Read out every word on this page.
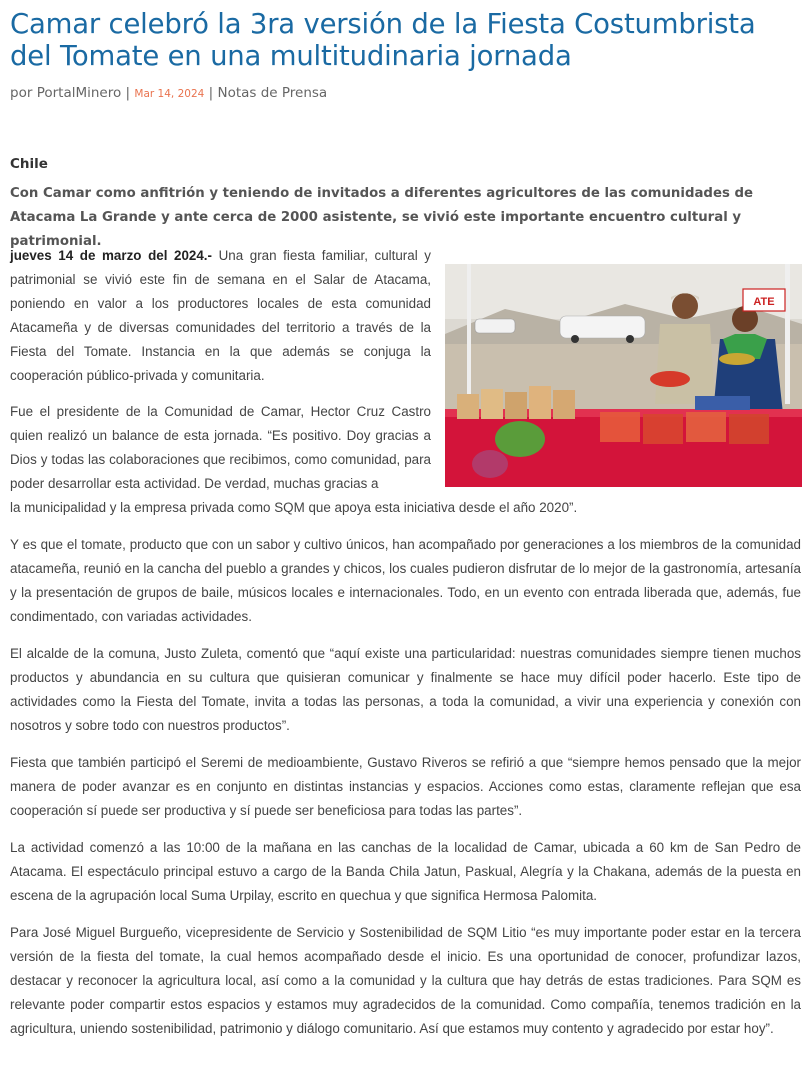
Camar celebró la 3ra versión de la Fiesta Costumbrista del Tomate en una multitudinaria jornada
por PortalMinero | Mar 14, 2024 | Notas de Prensa
Chile

Con Camar como anfitrión y teniendo de invitados a diferentes agricultores de las comunidades de Atacama La Grande y ante cerca de 2000 asistente, se vivió este importante encuentro cultural y patrimonial.

jueves 14 de marzo del 2024.- Una gran fiesta familiar, cultural y patrimonial se vivió este fin de semana en el Salar de Atacama, poniendo en valor a los productores locales de esta comunidad Atacameña y de diversas comunidades del territorio a través de la Fiesta del Tomate. Instancia en la que además se conjuga la cooperación público-privada y comunitaria.

ATE

Fue el presidente de la Comunidad de Camar, Hector Cruz Castro quien realizó un balance de esta jornada. “Es positivo. Doy gracias a Dios y todas las colaboraciones que recibimos, como comunidad, para poder desarrollar esta actividad. De verdad, muchas gracias a

la municipalidad y la empresa privada como SQM que apoya esta iniciativa desde el año 2020”.

Y es que el tomate, producto que con un sabor y cultivo únicos, han acompañado por generaciones a los miembros de la comunidad atacameña, reunió en la cancha del pueblo a grandes y chicos, los cuales pudieron disfrutar de lo mejor de la gastronomía, artesanía y la presentación de grupos de baile, músicos locales e internacionales. Todo, en un evento con entrada liberada que, además, fue condimentado, con variadas actividades.

El alcalde de la comuna, Justo Zuleta, comentó que “aquí existe una particularidad: nuestras comunidades siempre tienen muchos productos y abundancia en su cultura que quisieran comunicar y finalmente se hace muy difícil poder hacerlo. Este tipo de actividades como la Fiesta del Tomate, invita a todas las personas, a toda la comunidad, a vivir una experiencia y conexión con nosotros y sobre todo con nuestros productos”.

Fiesta que también participó el Seremi de medioambiente, Gustavo Riveros se refirió a que “siempre hemos pensado que la mejor manera de poder avanzar es en conjunto en distintas instancias y espacios. Acciones como estas, claramente reflejan que esa cooperación sí puede ser productiva y sí puede ser beneficiosa para todas las partes”.

La actividad comenzó a las 10:00 de la mañana en las canchas de la localidad de Camar, ubicada a 60 km de San Pedro de Atacama. El espectáculo principal estuvo a cargo de la Banda Chila Jatun, Paskual, Alegría y la Chakana, además de la puesta en escena de la agrupación local Suma Urpilay, escrito en quechua y que significa Hermosa Palomita.

Para José Miguel Burgueño, vicepresidente de Servicio y Sostenibilidad de SQM Litio “es muy importante poder estar en la tercera versión de la fiesta del tomate, la cual hemos acompañado desde el inicio. Es una oportunidad de conocer, profundizar lazos, destacar y reconocer la agricultura local, así como a la comunidad y la cultura que hay detrás de estas tradiciones. Para SQM es relevante poder compartir estos espacios y estamos muy agradecidos de la comunidad. Como compañía, tenemos tradición en la agricultura, uniendo sostenibilidad, patrimonio y diálogo comunitario. Así que estamos muy contento y agradecido por estar hoy”.
